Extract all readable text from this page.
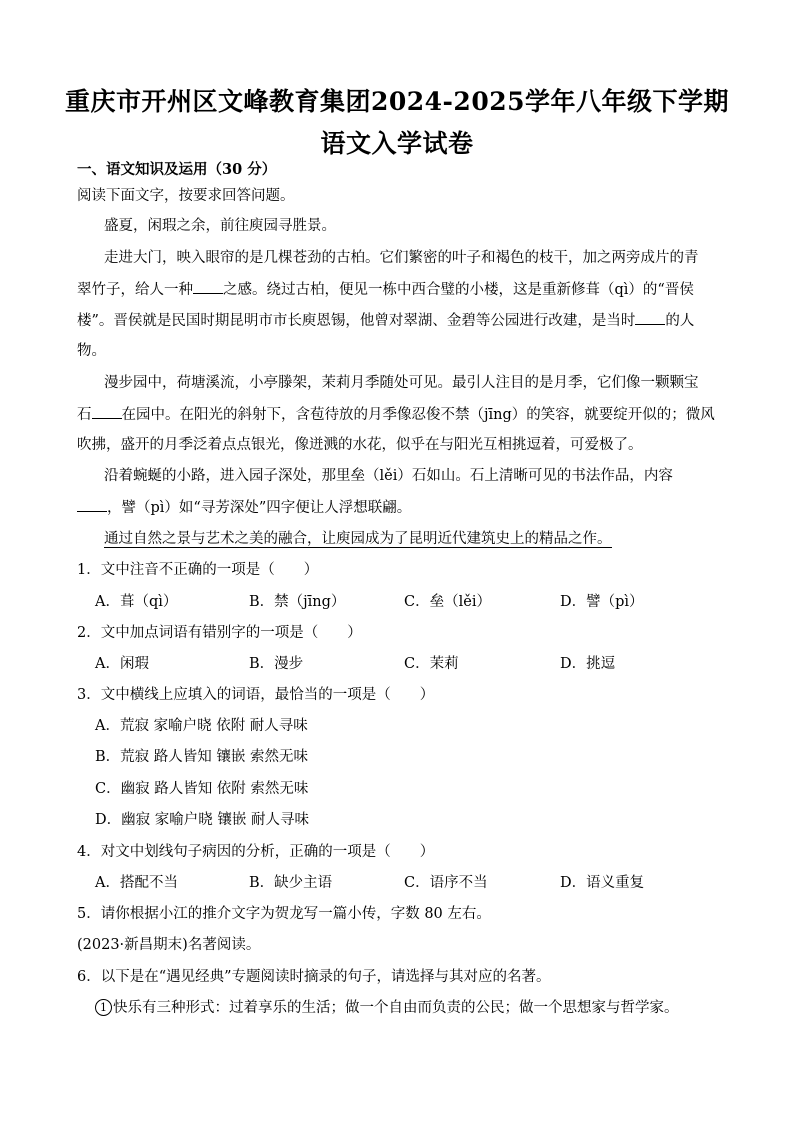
重庆市开州区文峰教育集团2024-2025学年八年级下学期
语文入学试卷
一、语文知识及运用（30 分）
阅读下面文字，按要求回答问题。
盛夏，闲瑕之余，前往庾园寻胜景。
走进大门，映入眼帘的是几棵苍劲的古柏。它们繁密的叶子和褐色的枝干，加之两旁成片的青
翠竹子，给人一种 之感。绕过古柏，便见一栋中西合璧的小楼，这是重新修葺（qì）的“晋侯
楼”。晋侯就是民国时期昆明市市长庾恩锡，他曾对翠湖、金碧等公园进行改建，是当时 的人
物。
漫步园中，荷塘溪流，小亭滕架，茉莉月季随处可见。最引人注目的是月季，它们像一颗颗宝
石 在园中。在阳光的斜射下，含苞待放的月季像忍俊不禁（jīng）的笑容，就要绽开似的；微风
吹拂，盛开的月季泛着点点银光，像迸溅的水花，似乎在与阳光互相挑逗着，可爱极了。
沿着蜿蜒的小路，进入园子深处，那里垒（lěi）石如山。石上清晰可见的书法作品，内容
，譬（pì）如“寻芳深处”四字便让人浮想联翩。
通过自然之景与艺术之美的融合，让庾园成为了昆明近代建筑史上的精品之作。
1．文中注音不正确的一项是（　　）
A．葺（qì）	B．禁（jīng）	C．垒（lěi）	D．譬（pì）
2．文中加点词语有错别字的一项是（　　）
A．闲瑕	B．漫步	C．茉莉	D．挑逗
3．文中横线上应填入的词语，最恰当的一项是（　　）
A．荒寂 家喻户晓 依附 耐人寻味
B．荒寂 路人皆知 镶嵌 索然无味
C．幽寂 路人皆知 依附 索然无味
D．幽寂 家喻户晓 镶嵌 耐人寻味
4．对文中划线句子病因的分析，正确的一项是（　　）
A．搭配不当	B．缺少主语	C．语序不当	D．语义重复
5．请你根据小江的推介文字为贺龙写一篇小传，字数 80 左右。
(2023·新昌期末)名著阅读。
6．以下是在“遇见经典”专题阅读时摘录的句子，请选择与其对应的名著。
1 快乐有三种形式：过着享乐的生活；做一个自由而负责的公民；做一个思想家与哲学家。
